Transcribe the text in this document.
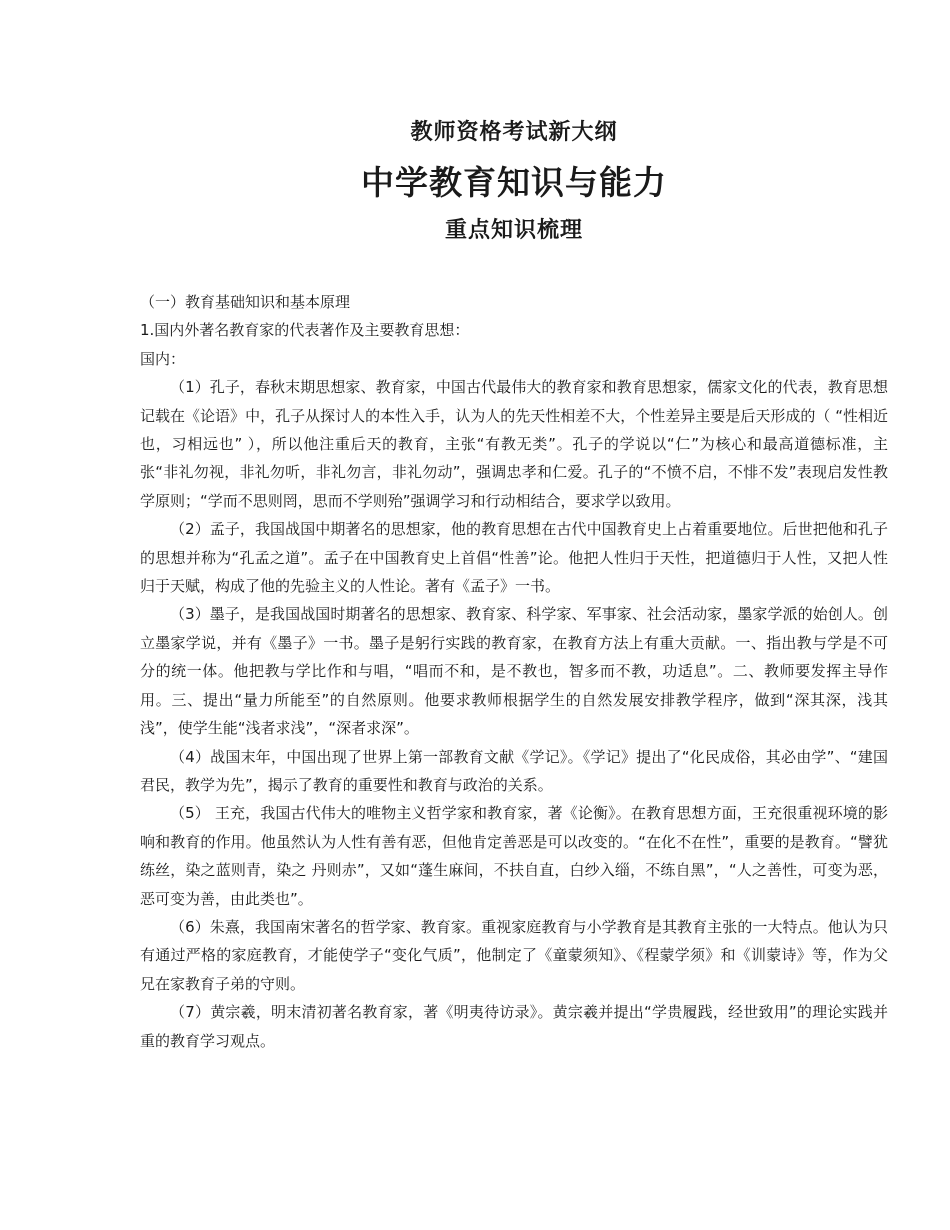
教师资格考试新大纲
中学教育知识与能力
重点知识梳理

（一）教育基础知识和基本原理

1.国内外著名教育家的代表著作及主要教育思想：

国内：

（1）孔子，春秋末期思想家、教育家，中国古代最伟大的教育家和教育思想家，儒家文化的代表，教育思想记载在《论语》中，孔子从探讨人的本性入手，认为人的先天性相差不大，个性差异主要是后天形成的（ “性相近也，习相远也” ），所以他注重后天的教育，主张“有教无类”。孔子的学说以“仁”为核心和最高道德标准，主张“非礼勿视，非礼勿听，非礼勿言，非礼勿动”，强调忠孝和仁爱。孔子的“不愤不启，不悱不发”表现启发性教学原则；“学而不思则罔，思而不学则殆”强调学习和行动相结合，要求学以致用。

（2）孟子，我国战国中期著名的思想家，他的教育思想在古代中国教育史上占着重要地位。后世把他和孔子的思想并称为“孔孟之道”。孟子在中国教育史上首倡“性善”论。他把人性归于天性，把道德归于人性，又把人性归于天赋，构成了他的先验主义的人性论。著有《孟子》一书。

（3）墨子，是我国战国时期著名的思想家、教育家、科学家、军事家、社会活动家，墨家学派的始创人。创立墨家学说，并有《墨子》一书。墨子是躬行实践的教育家，在教育方法上有重大贡献。一、指出教与学是不可分的统一体。他把教与学比作和与唱，“唱而不和，是不教也，智多而不教，功适息”。二、教师要发挥主导作用。三、提出“量力所能至”的自然原则。他要求教师根据学生的自然发展安排教学程序，做到“深其深，浅其浅”，使学生能“浅者求浅”，“深者求深”。

（4）战国末年，中国出现了世界上第一部教育文献《学记》。《学记》提出了“化民成俗，其必由学”、“建国君民，教学为先”，揭示了教育的重要性和教育与政治的关系。

（5） 王充，我国古代伟大的唯物主义哲学家和教育家，著《论衡》。在教育思想方面，王充很重视环境的影响和教育的作用。他虽然认为人性有善有恶，但他肯定善恶是可以改变的。“在化不在性”，重要的是教育。“譬犹练丝，染之蓝则青，染之 丹则赤”，又如“蓬生麻间，不扶自直，白纱入缁，不练自黑”，“人之善性，可变为恶，恶可变为善，由此类也”。

（6）朱熹，我国南宋著名的哲学家、教育家。重视家庭教育与小学教育是其教育主张的一大特点。他认为只有通过严格的家庭教育，才能使学子“变化气质”，他制定了《童蒙须知》、《程蒙学须》和《训蒙诗》等，作为父兄在家教育子弟的守则。

（7）黄宗羲，明末清初著名教育家，著《明夷待访录》。黄宗羲并提出“学贵履践，经世致用”的理论实践并重的教育学习观点。
